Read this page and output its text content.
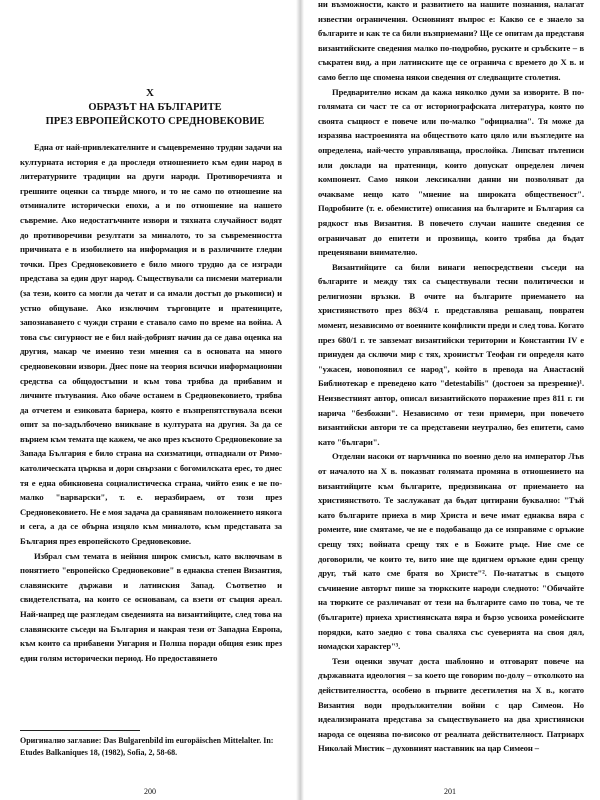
X
ОБРАЗЪТ НА БЪЛГАРИТЕ
ПРЕЗ ЕВРОПЕЙСКОТО СРЕДНОВЕКОВИЕ

Една от най-привлекателните и същевременно трудни задачи на културната история е да проследи отношението към един народ в литературните традиции на други народи. Противоречията и грешните оценки са твърде много, и то не само по отношение на отминалите исторически епохи, а и по отношение на нашето съвремие. Ако недостатъчните извори и тяхната случайност водят до противоречиви резултати за миналото, то за съвременността причината е в изобилието на информация и в различните гледни точки. През Средновековието е било много трудно да се изгради представа за един друг народ. Съществували са писмени материали (за тези, които са могли да четат и са имали достъп до ръкописи) и устно общуване. Ако изключим търговците и пратениците, запознаването с чужди страни е ставало само по време на война. А това със сигурност не е бил най-добрият начин да се дава оценка на другия, макар че именно тези мнения са в основата на много средновековни извори. Днес поне на теория всички информационни средства са общодостъпни и към това трябва да прибавим и личните пътувания. Ако обаче останем в Средновековието, трябва да отчетем и езиковата бариера, която е възпрепятствувала всеки опит за по-задълбочено вникване в културата на другия. За да се върнем към темата ще кажем, че ако през късното Средновековие за Запада България е било страна на схизматици, отпаднали от Римо-католическата църква и дори свързани с богомилската ерес, то днес тя е една обикновена социалистическа страна, чийто език е не по-малко "варварски", т. е. неразбираем, от този през Средновековието. Не е моя задача да сравнявам положението някога и сега, а да се обърна изцяло към миналото, към представата за България през европейското Средновековие.

Избрал съм темата в нейния широк смисъл, като включвам в понятието "европейско Средновековие" в еднаква степен Византия, славянските държави и латинския Запад. Съответно и свидетелствата, на които се основавам, са взети от същия ареал. Най-напред ще разгледам сведенията на византийците, след това на славянските съседи на България и накрая тези от Западна Европа, към които са прибавени Унгария и Полша поради общия език през един голям исторически период. Но предоставянето

Оригинално заглавие: Das Bulgarenbild im europäischen Mittelalter. In: Etudes Balkaniques 18, (1982), Sofia, 2, 58-68.

200

ни възможности, както и развитието на нашите познания, налагат известни ограничения. Основният въпрос е: Какво се е знаело за българите и как те са били възприемани? Ще се опитам да представя византийските сведения малко по-подробно, руските и сръбските – в съкратен вид, а при латинските ще се огранича с времето до Х в. и само бегло ще спомена някои сведения от следващите столетия.

Предварително искам да кажа няколко думи за изворите. В по-голямата си част те са от историографската литература, която по своята същност е повече или по-малко "официална". Тя може да изразява настроенията на обществото като цяло или възгледите на определена, най-често управляваща, прослойка. Липсват пътеписи или доклади на пратеници, които допускат определен личен компонент. Само някои лексикални данни ни позволяват да очакваме нещо като "мнение на широката общественост". Подробните (т. е. обемистите) описания на българите и България са рядкост във Византия. В повечето случаи нашите сведения се ограничават до епитети и прозвища, които трябва да бъдат преценявани внимателно.

Византийците са били винаги непосредствени съседи на българите и между тях са съществували тесни политически и религиозни връзки. В очите на българите приемането на християнството през 863/4 г. представлява решаващ, повратен момент, независимо от военните конфликти преди и след това. Когато през 680/1 г. те завземат византийски територии и Константин IV е принуден да сключи мир с тях, хронистът Теофан ги определя като "ужасен, новопоявил се народ", който в превода на Анастасий Библиотекар е преведено като "detestabilis" (достоен за презрение)¹. Неизвестният автор, описал византийското поражение през 811 г. ги нарича "безбожни". Независимо от тези примери, при повечето византийски автори те са представени неутрално, без епитети, само като "българи".

Отделни насоки от наръчника по военно дело на император Лъв от началото на Х в. показват голямата промяна в отношението на византийците към българите, предизвикана от приемането на християнството. Те заслужават да бъдат цитирани буквално: "Тъй като българите приеха в мир Христа и вече имат еднаква вяра с ромеите, ние смятаме, че не е подобаващо да се изправяме с оръжие срещу тях; войната срещу тях е в Божите ръце. Ние сме се договорили, че които те, вито ние ще вдигнем оръжие един срещу друг, тъй като сме братя во Христе"². По-нататък в същото съчинение авторът пише за тюркските народи следното: "Обичайте на тюрките се различават от тези на българите само по това, че те (българите) приеха християнската вяра и бързо усвоиха ромейските порядки, като заедно с това сваляха със суеверията на своя дял, номадски характер"³.

Тези оценки звучат доста шаблонно и отговарят повече на държавната идеология – за което ще говорим по-долу – отколкото на действителността, особено в първите десетилетия на Х в., когато Византия води продължителни войни с цар Симеон. Но идеализираната представа за съществуването на два християнски народа се оценява по-високо от реалната действителност. Патриарх Николай Мистик – духовният наставник на цар Симеон –

201
